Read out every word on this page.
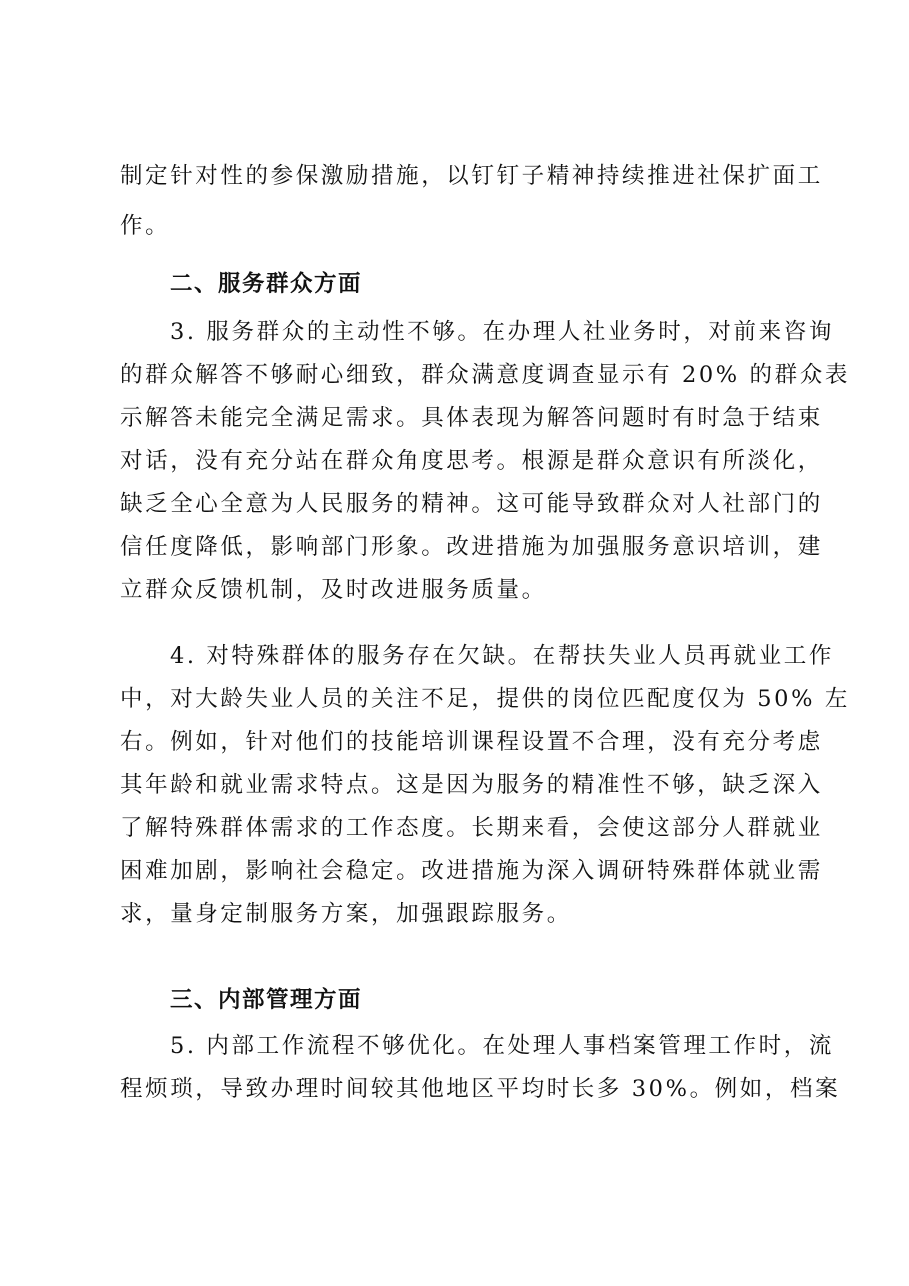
制定针对性的参保激励措施，以钉钉子精神持续推进社保扩面工
作。
二、服务群众方面
3. 服务群众的主动性不够。在办理人社业务时，对前来咨询
的群众解答不够耐心细致，群众满意度调查显示有 20% 的群众表
示解答未能完全满足需求。具体表现为解答问题时有时急于结束
对话，没有充分站在群众角度思考。根源是群众意识有所淡化，
缺乏全心全意为人民服务的精神。这可能导致群众对人社部门的
信任度降低，影响部门形象。改进措施为加强服务意识培训，建
立群众反馈机制，及时改进服务质量。
4. 对特殊群体的服务存在欠缺。在帮扶失业人员再就业工作
中，对大龄失业人员的关注不足，提供的岗位匹配度仅为 50% 左
右。例如，针对他们的技能培训课程设置不合理，没有充分考虑
其年龄和就业需求特点。这是因为服务的精准性不够，缺乏深入
了解特殊群体需求的工作态度。长期来看，会使这部分人群就业
困难加剧，影响社会稳定。改进措施为深入调研特殊群体就业需
求，量身定制服务方案，加强跟踪服务。
三、内部管理方面
5. 内部工作流程不够优化。在处理人事档案管理工作时，流
程烦琐，导致办理时间较其他地区平均时长多 30%。例如，档案
